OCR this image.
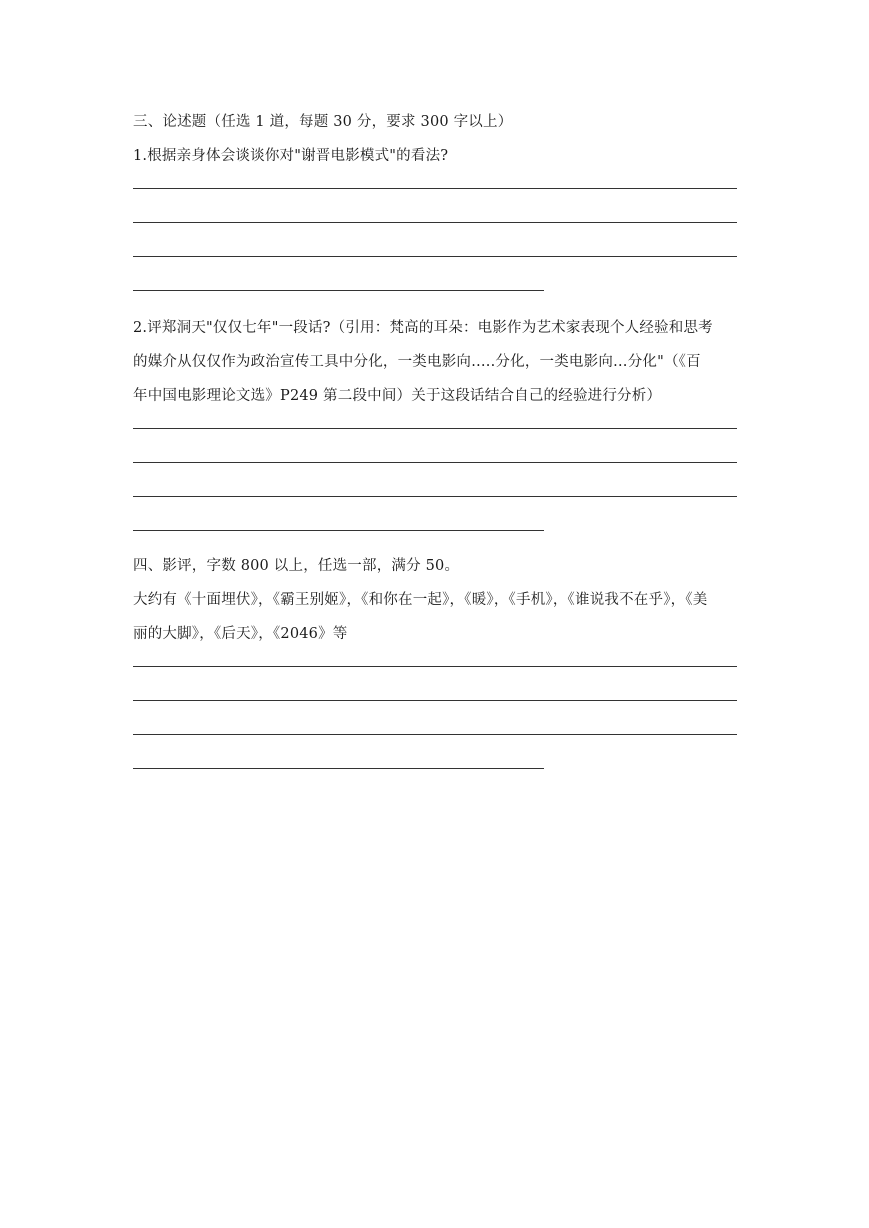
三、论述题（任选 1 道，每题 30 分，要求 300 字以上）
1.根据亲身体会谈谈你对"谢晋电影模式"的看法?
2.评郑洞天"仅仅七年"一段话?（引用：梵高的耳朵：电影作为艺术家表现个人经验和思考
的媒介从仅仅作为政治宣传工具中分化，一类电影向…..分化，一类电影向…分化"（《百
年中国电影理论文选》P249 第二段中间）关于这段话结合自己的经验进行分析）
四、影评，字数 800 以上，任选一部，满分 50。
大约有《十面埋伏》，《霸王别姬》，《和你在一起》，《暖》，《手机》，《谁说我不在乎》，《美
丽的大脚》，《后天》，《2046》等
